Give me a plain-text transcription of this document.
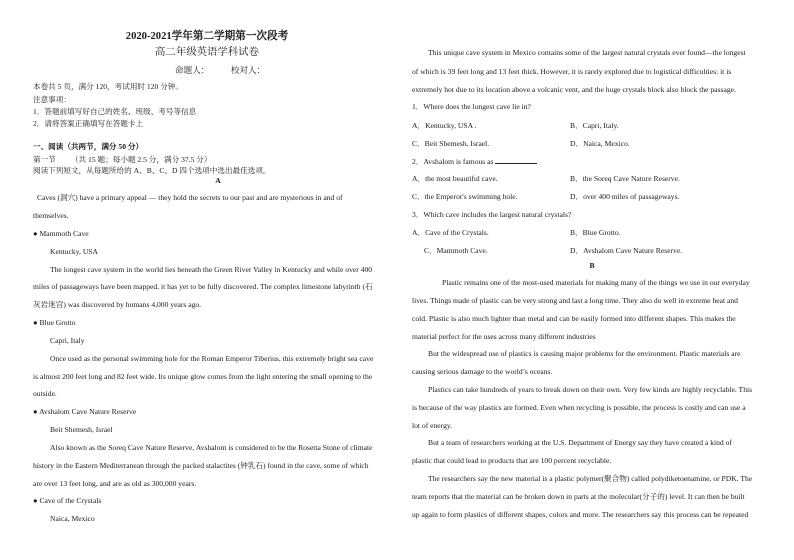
2020-2021学年第二学期第一次段考
高二年级英语学科试卷
命题人：          校对人：
本卷共 5 页，满分 120，考试用时 120 分钟。
注意事项：
1．答题前填写好自己的姓名、班级、考号等信息
2．请将答案正确填写在答题卡上
一、阅读（共两节，满分 50 分）
第一节        （共 15 题；每小题 2.5 分，满分 37.5 分）
阅读下列短文，从每题所给的 A、B、C、D 四个选项中选出最佳选项。
A
Caves (洞穴) have a primary appeal — they hold the secrets to our past and are mysterious in and of
themselves.
● Mammoth Cave
Kentucky, USA
The longest cave system in the world lies beneath the Green River Valley in Kentucky and while over 400
miles of passageways have been mapped, it has yet to be fully discovered. The complex limestone labyrinth (石
灰岩迷宫) was discovered by humans 4,000 years ago.
● Blue Grotto
Capri, Italy
Once used as the personal swimming hole for the Roman Emperor Tiberius, this extremely bright sea cave
is almost 200 feet long and 82 feet wide. Its unique glow comes from the light entering the small opening to the
outside.
● Avshalom Cave Nature Reserve
Beit Shemesh, Israel
Also known as the Soreq Cave Nature Reserve, Avshalom is considered to be the Rosetta Stone of climate
history in the Eastern Mediterranean through the packed stalactites (钟乳石) found in the cave, some of which
are over 13 feet long, and are as old as 300,000 years.
● Cave of the Crystals
Naica, Mexico
This unique cave system in Mexico contains some of the largest natural crystals ever found—the longest
of which is 39 feet long and 13 feet thick. However, it is rarely explored due to logistical difficulties: it is
extremely hot due to its location above a volcanic vent, and the huge crystals block also block the passage.
1．Where does the longest cave lie in?
A．Kentucky, USA .	B．Capri, Italy.
C．Beit Shemesh, Israel.	D．Naica, Mexico.
2．Avshalom is famous as
A．the most beautiful cave.	B．the Soreq Cave Nature Reserve.
C．the Emperor's swimming hole.	D．over 400 miles of passageways.
3．Which cave includes the largest natural crystals?
A．Cave of the Crystals.	B．Blue Grotto.
C．Mammoth Cave.	D．Avshalom Cave Nature Reserve.
B
Plastic remains one of the most-used materials for making many of the things we use in our everyday
lives. Things made of plastic can be very strong and last a long time. They also do well in extreme heat and
cold. Plastic is also much lighter than metal and can be easily formed into different shapes. This makes the
material perfect for the uses across many different industries
But the widespread use of plastics is causing major problems for the environment. Plastic materials are
causing serious damage to the world’s oceans.
Plastics can take hundreds of years to break down on their own. Very few kinds are highly recyclable. This
is because of the way plastics are formed. Even when recycling is possible, the process is costly and can use a
lot of energy.
But a team of researchers working at the U.S. Department of Energy say they have created a kind of
plastic that could lead to products that are 100 percent recyclable.
The researchers say the new material is a plastic polymer(聚合物) called polydiketoenamine, or PDK. The
team reports that the material can be broken down in parts at the molecular(分子的) level. It can then be built
up again to form plastics of different shapes, colors and more. The researchers say this process can be repeated
